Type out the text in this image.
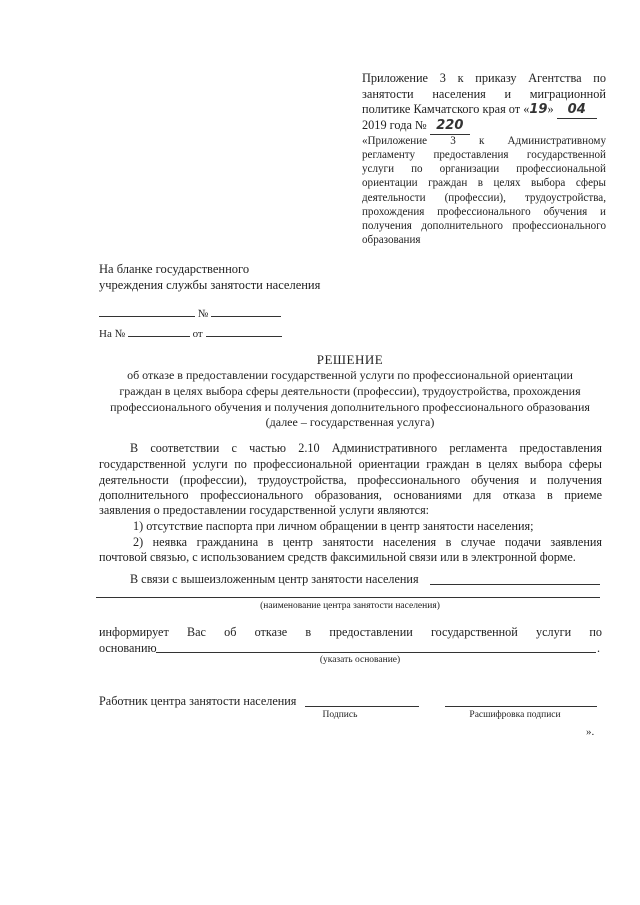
Приложение 3 к приказу Агентства по
занятости населения и миграционной
политике Камчатского края от «19» 04
2019 года № 220
«Приложение 3 к Административному
регламенту предоставления государственной
услуги по организации профессиональной
ориентации граждан в целях выбора сферы
деятельности (профессии), трудоустройства,
прохождения профессионального обучения и
получения дополнительного профессионального
образования
На бланке государственного
учреждения службы занятости населения
№
На №	от
РЕШЕНИЕ
об отказе в предоставлении государственной услуги по профессиональной ориентации
граждан в целях выбора сферы деятельности (профессии), трудоустройства, прохождения
профессионального обучения и получения дополнительного профессионального образования
(далее – государственная услуга)
В соответствии с частью 2.10 Административного регламента предоставления
государственной услуги по профессиональной ориентации граждан в целях выбора сферы
деятельности (профессии), трудоустройства, профессионального обучения и получения
дополнительного профессионального образования, основаниями для отказа в приеме
заявления о предоставлении государственной услуги являются:
1) отсутствие паспорта при личном обращении в центр занятости населения;
2) неявка гражданина в центр занятости населения в случае подачи заявления
почтовой связью, с использованием средств факсимильной связи или в электронной форме.
В связи с вышеизложенным центр занятости населения
(наименование центра занятости населения)
информирует Вас об отказе в предоставлении государственной услуги по
основанию	.
(указать основание)
Работник центра занятости населения
Подпись	Расшифровка подписи
».
